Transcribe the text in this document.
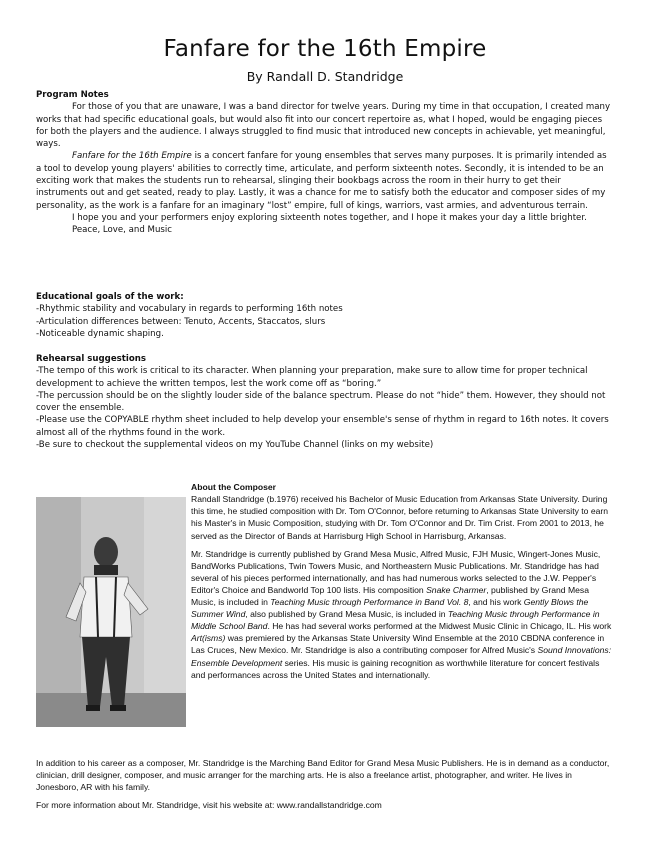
Fanfare for the 16th Empire

By Randall D. Standridge

Program Notes

For those of you that are unaware, I was a band director for twelve years. During my time in that occupation, I created many works that had specific educational goals, but would also fit into our concert repertoire as, what I hoped, would be engaging pieces for both the players and the audience. I always struggled to find music that introduced new concepts in achievable, yet meaningful, ways.

Fanfare for the 16th Empire is a concert fanfare for young ensembles that serves many purposes. It is primarily intended as a tool to develop young players' abilities to correctly time, articulate, and perform sixteenth notes. Secondly, it is intended to be an exciting work that makes the students run to rehearsal, slinging their bookbags across the room in their hurry to get their instruments out and get seated, ready to play. Lastly, it was a chance for me to satisfy both the educator and composer sides of my personality, as the work is a fanfare for an imaginary “lost” empire, full of kings, warriors, vast armies, and adventurous terrain.

I hope you and your performers enjoy exploring sixteenth notes together, and I hope it makes your day a little brighter.

Peace, Love, and Music

Educational goals of the work:

-Rhythmic stability and vocabulary in regards to performing 16th notes

-Articulation differences between: Tenuto, Accents, Staccatos, slurs

-Noticeable dynamic shaping.

Rehearsal suggestions

-The tempo of this work is critical to its character. When planning your preparation, make sure to allow time for proper technical development to achieve the written tempos, lest the work come off as “boring.”

-The percussion should be on the slightly louder side of the balance spectrum. Please do not “hide” them. However, they should not cover the ensemble.

-Please use the COPYABLE rhythm sheet included to help develop your ensemble's sense of rhythm in regard to 16th notes. It covers almost all of the rhythms found in the work.

-Be sure to checkout the supplemental videos on my YouTube Channel (links on my website)

About the Composer

Randall Standridge (b.1976) received his Bachelor of Music Education from Arkansas State University. During this time, he studied composition with Dr. Tom O'Connor, before returning to Arkansas State University to earn his Master's in Music Composition, studying with Dr. Tom O'Connor and Dr. Tim Crist. From 2001 to 2013, he served as the Director of Bands at Harrisburg High School in Harrisburg, Arkansas.

Mr. Standridge is currently published by Grand Mesa Music, Alfred Music, FJH Music, Wingert-Jones Music, BandWorks Publications, Twin Towers Music, and Northeastern Music Publications. Mr. Standridge has had several of his pieces performed internationally, and has had numerous works selected to the J.W. Pepper's Editor's Choice and Bandworld Top 100 lists. His composition Snake Charmer, published by Grand Mesa Music, is included in Teaching Music through Performance in Band Vol. 8, and his work Gently Blows the Summer Wind, also published by Grand Mesa Music, is included in Teaching Music through Performance in Middle School Band. He has had several works performed at the Midwest Music Clinic in Chicago, IL. His work Art(isms) was premiered by the Arkansas State University Wind Ensemble at the 2010 CBDNA conference in Las Cruces, New Mexico. Mr. Standridge is also a contributing composer for Alfred Music's Sound Innovations: Ensemble Development series. His music is gaining recognition as worthwhile literature for concert festivals and performances across the United States and internationally.

In addition to his career as a composer, Mr. Standridge is the Marching Band Editor for Grand Mesa Music Publishers. He is in demand as a conductor, clinician, drill designer, composer, and music arranger for the marching arts. He is also a freelance artist, photographer, and writer. He lives in Jonesboro, AR with his family.

For more information about Mr. Standridge, visit his website at: www.randallstandridge.com
